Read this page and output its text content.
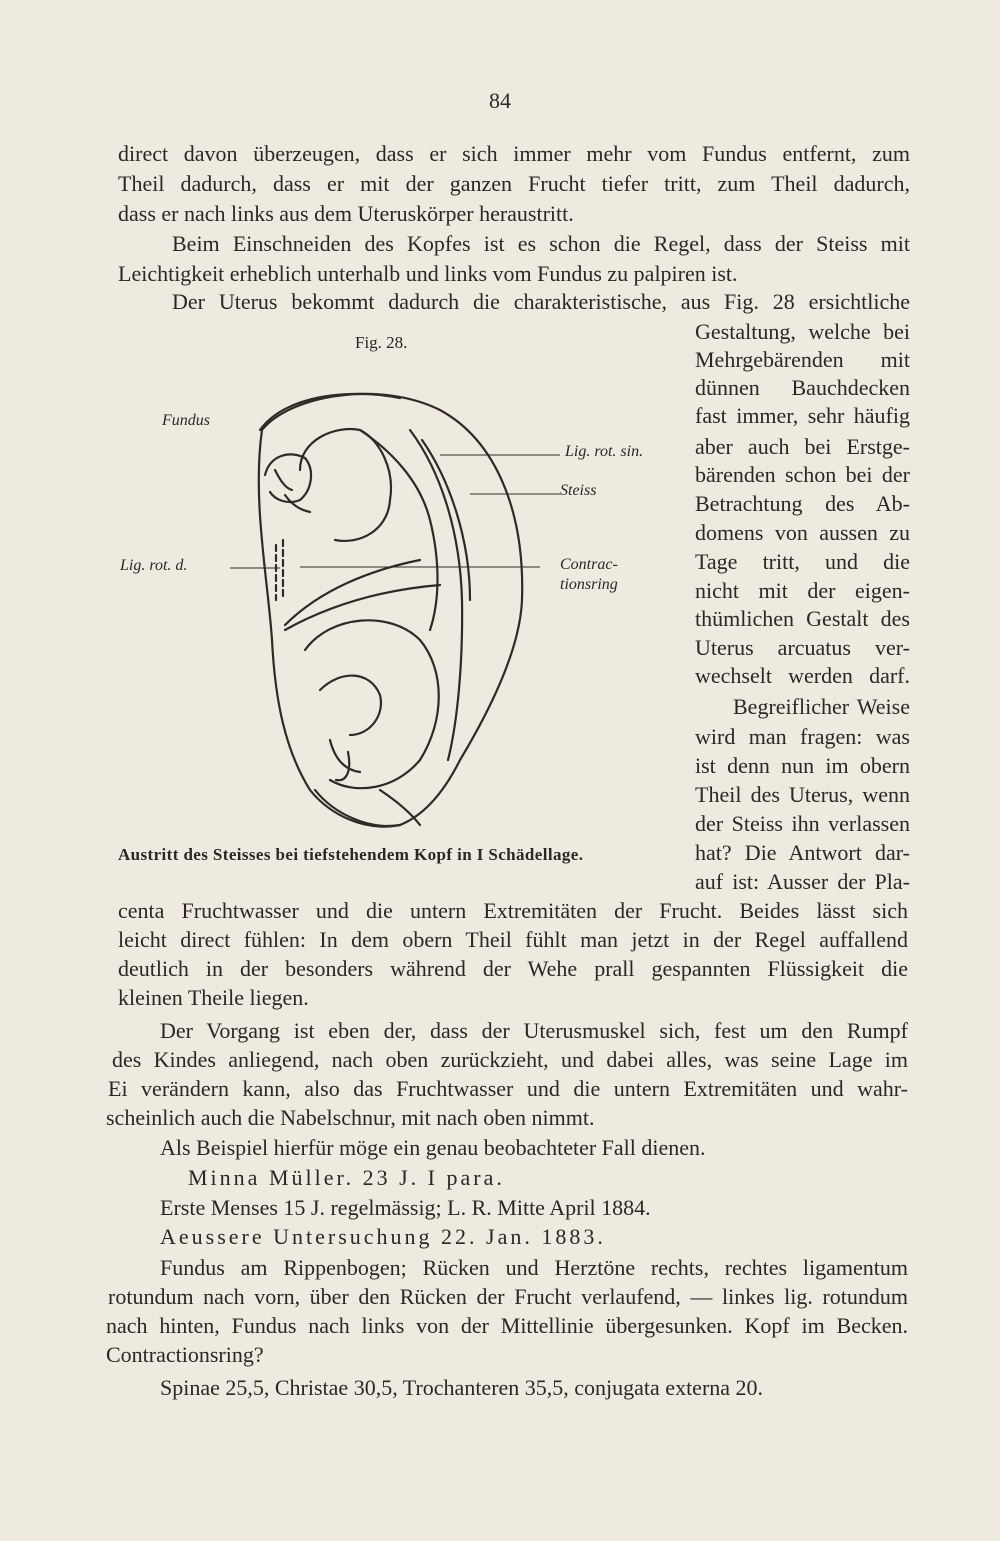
84
direct davon überzeugen, dass er sich immer mehr vom Fundus entfernt, zum
Theil dadurch, dass er mit der ganzen Frucht tiefer tritt, zum Theil dadurch,
dass er nach links aus dem Uteruskörper heraustritt.
Beim Einschneiden des Kopfes ist es schon die Regel, dass der Steiss mit
Leichtigkeit erheblich unterhalb und links vom Fundus zu palpiren ist.
Der Uterus bekommt dadurch die charakteristische, aus Fig. 28 ersichtliche
Gestaltung, welche bei
Mehrgebärenden mit
dünnen Bauchdecken
fast immer, sehr häufig
aber auch bei Erstge-
bärenden schon bei der
Betrachtung des Ab-
domens von aussen zu
Tage tritt, und die
nicht mit der eigen-
thümlichen Gestalt des
Uterus arcuatus ver-
wechselt werden darf.
Begreiflicher Weise
wird man fragen: was
ist denn nun im obern
Theil des Uterus, wenn
der Steiss ihn verlassen
hat? Die Antwort dar-
auf ist: Ausser der Pla-
Fig. 28.
Fundus
Lig. rot. sin.
Steiss
Contrac-
tionsring
Lig. rot. d.
Austritt des Steisses bei tiefstehendem Kopf in I Schädellage.
centa Fruchtwasser und die untern Extremitäten der Frucht. Beides lässt sich
leicht direct fühlen: In dem obern Theil fühlt man jetzt in der Regel auffallend
deutlich in der besonders während der Wehe prall gespannten Flüssigkeit die
kleinen Theile liegen.
Der Vorgang ist eben der, dass der Uterusmuskel sich, fest um den Rumpf
des Kindes anliegend, nach oben zurückzieht, und dabei alles, was seine Lage im
Ei verändern kann, also das Fruchtwasser und die untern Extremitäten und wahr-
scheinlich auch die Nabelschnur, mit nach oben nimmt.
Als Beispiel hierfür möge ein genau beobachteter Fall dienen.
Minna Müller. 23 J. I para.
Erste Menses 15 J. regelmässig; L. R. Mitte April 1884.
Aeussere Untersuchung 22. Jan. 1883.
Fundus am Rippenbogen; Rücken und Herztöne rechts, rechtes ligamentum
rotundum nach vorn, über den Rücken der Frucht verlaufend, — linkes lig. rotundum
nach hinten, Fundus nach links von der Mittellinie übergesunken. Kopf im Becken.
Contractionsring?
Spinae 25,5, Christae 30,5, Trochanteren 35,5, conjugata externa 20.
